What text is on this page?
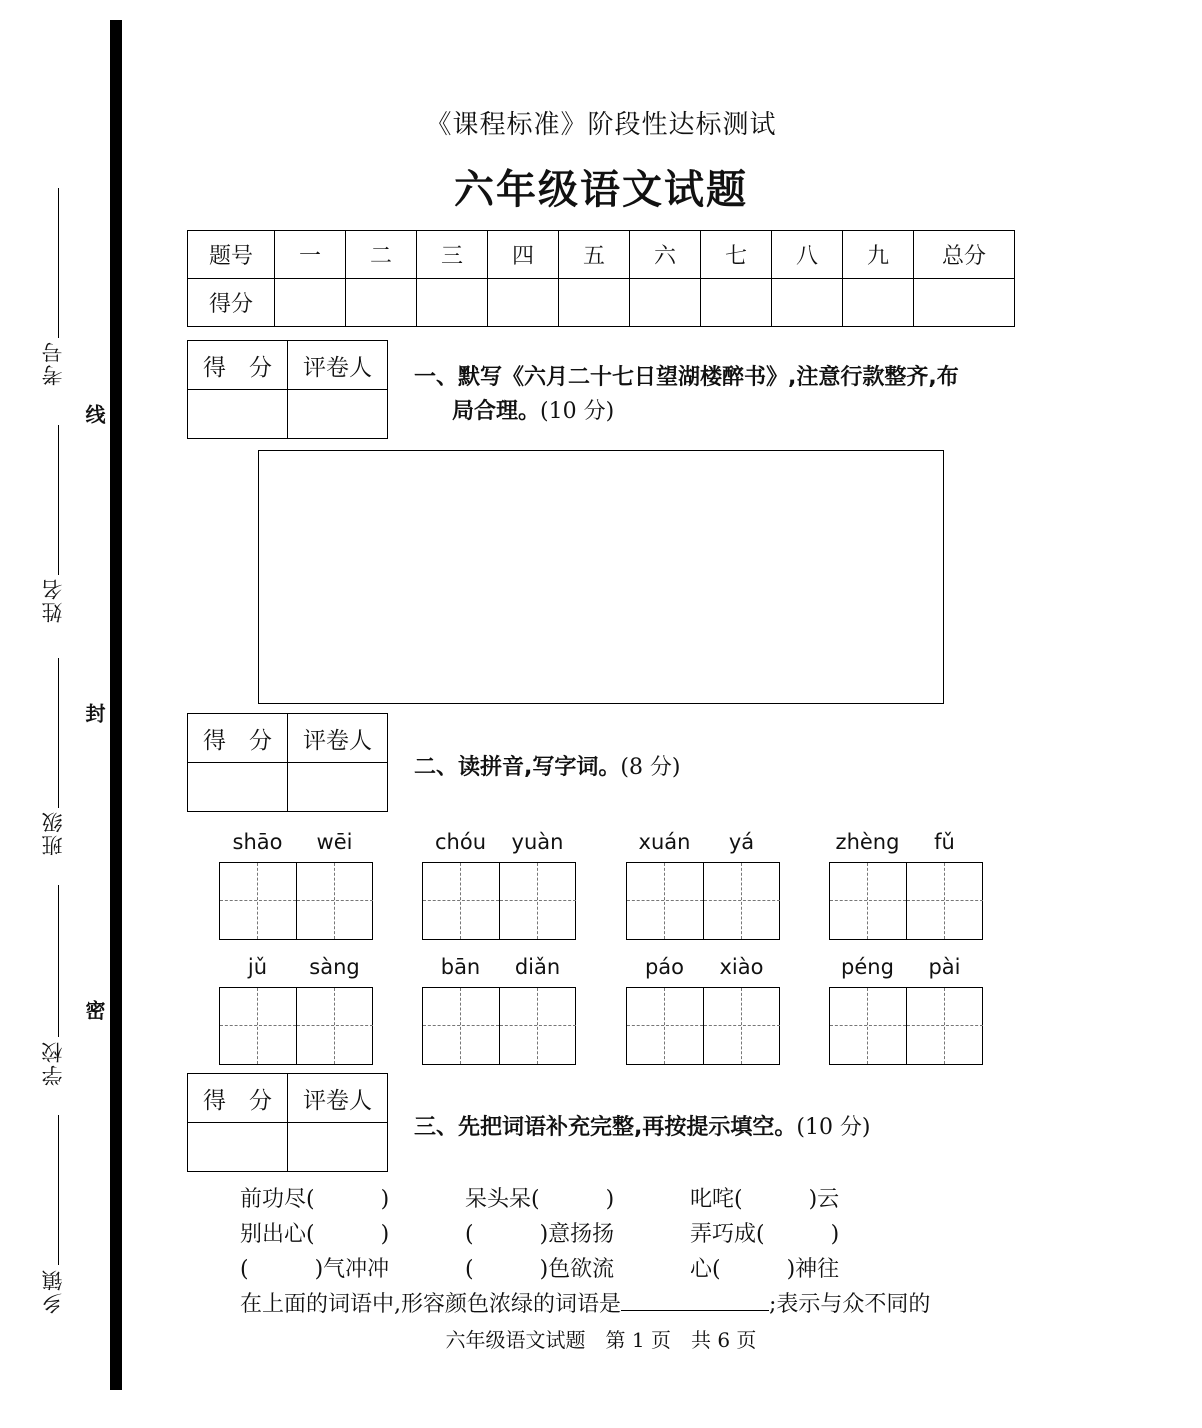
考号
姓名
班级
学校
乡镇
线
封
密
《课程标准》阶段性达标测试
六年级语文试题
题号	一	二	三	四	五	六	七	八	九	总分
得分										
得　分	评卷人
	一、默写《六月二十七日望湖楼醉书》,注意行款整齐,布
局合理。(10 分)
得　分	评卷人

二、读拼音,写字词。(8 分)
shāo	wēi	chóu	yuàn	xuán	yá	zhèng	fǔ
jǔ	sàng	bān	diǎn	páo	xiào	péng	pài
得　分	评卷人

三、先把词语补充完整,再按提示填空。(10 分)
前功尽(　　　)	呆头呆(　　　)	叱咤(　　　)云
别出心(　　　)	(　　　)意扬扬	弄巧成(　　　)
(　　　)气冲冲	(　　　)色欲流	心(　　　)神往
在上面的词语中,形容颜色浓绿的词语是	;表示与众不同的
六年级语文试题　第 1 页　共 6 页
